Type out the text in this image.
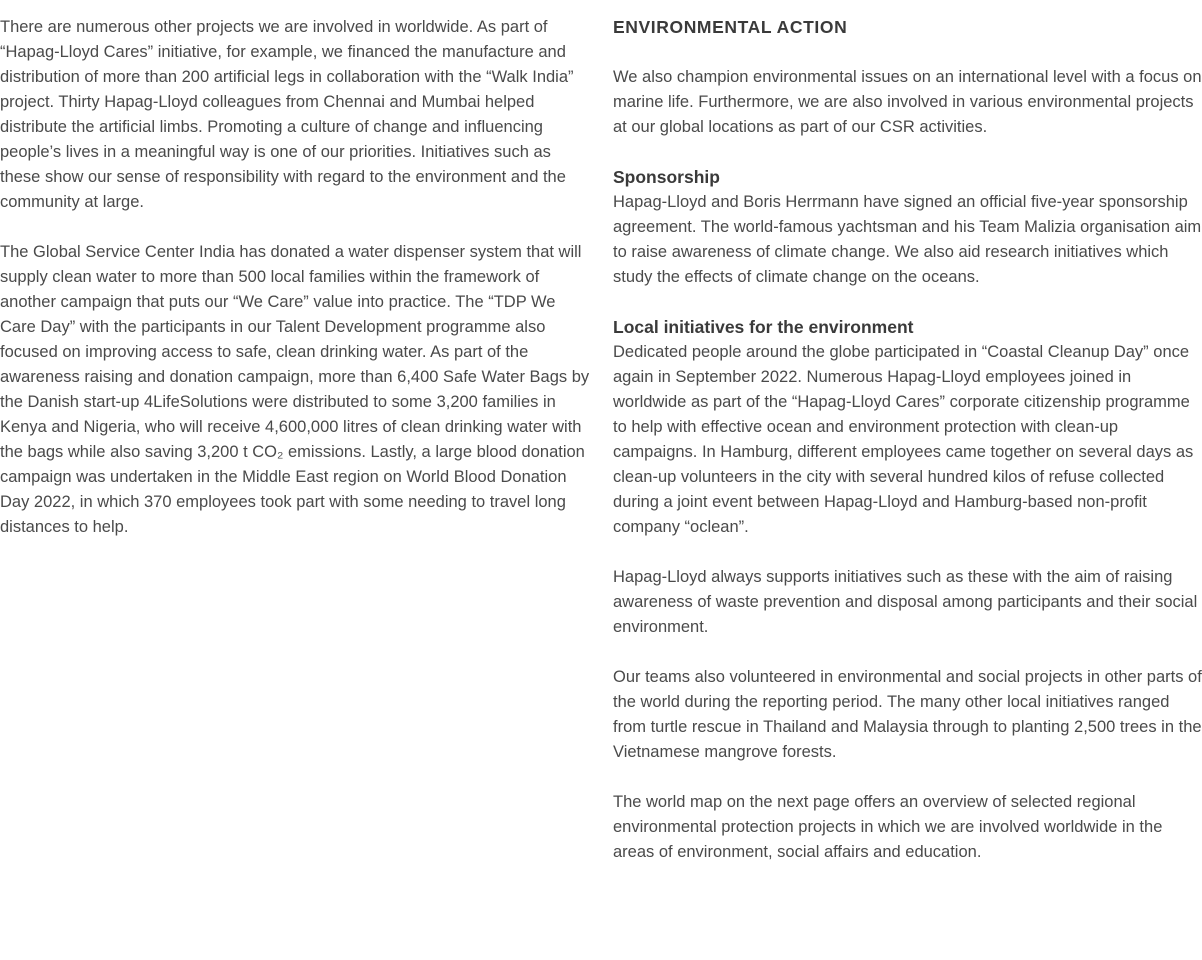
There are numerous other projects we are involved in worldwide. As part of “Hapag-Lloyd Cares” initiative, for example, we financed the manufacture and distribution of more than 200 artificial legs in collaboration with the “Walk India” project. Thirty Hapag-Lloyd colleagues from Chennai and Mumbai helped distribute the artificial limbs. Promoting a culture of change and influencing people’s lives in a meaningful way is one of our priorities. Initiatives such as these show our sense of responsibility with regard to the environment and the community at large.

The Global Service Center India has donated a water dispenser system that will supply clean water to more than 500 local families within the framework of another campaign that puts our “We Care” value into practice. The “TDP We Care Day” with the participants in our Talent Development programme also focused on improving access to safe, clean drinking water. As part of the awareness raising and donation campaign, more than 6,400 Safe Water Bags by the Danish start-up 4LifeSolutions were distributed to some 3,200 families in Kenya and Nigeria, who will receive 4,600,000 litres of clean drinking water with the bags while also saving 3,200 t CO₂ emissions. Lastly, a large blood donation campaign was undertaken in the Middle East region on World Blood Donation Day 2022, in which 370 employees took part with some needing to travel long distances to help.

ENVIRONMENTAL ACTION

We also champion environmental issues on an international level with a focus on marine life. Furthermore, we are also involved in various environmental projects at our global locations as part of our CSR activities.

Sponsorship

Hapag-Lloyd and Boris Herrmann have signed an official five-year sponsorship agreement. The world-famous yachtsman and his Team Malizia organisation aim to raise awareness of climate change. We also aid research initiatives which study the effects of climate change on the oceans.

Local initiatives for the environment

Dedicated people around the globe participated in “Coastal Cleanup Day” once again in September 2022. Numerous Hapag-Lloyd employees joined in worldwide as part of the “Hapag-Lloyd Cares” corporate citizenship programme to help with effective ocean and environment protection with clean-up campaigns. In Hamburg, different employees came together on several days as clean-up volunteers in the city with several hundred kilos of refuse collected during a joint event between Hapag-Lloyd and Hamburg-based non-profit company “oclean”.

Hapag-Lloyd always supports initiatives such as these with the aim of raising awareness of waste prevention and disposal among participants and their social environment.

Our teams also volunteered in environmental and social projects in other parts of the world during the reporting period. The many other local initiatives ranged from turtle rescue in Thailand and Malaysia through to planting 2,500 trees in the Vietnamese mangrove forests.

The world map on the next page offers an overview of selected regional environmental protection projects in which we are involved worldwide in the areas of environment, social affairs and education.
